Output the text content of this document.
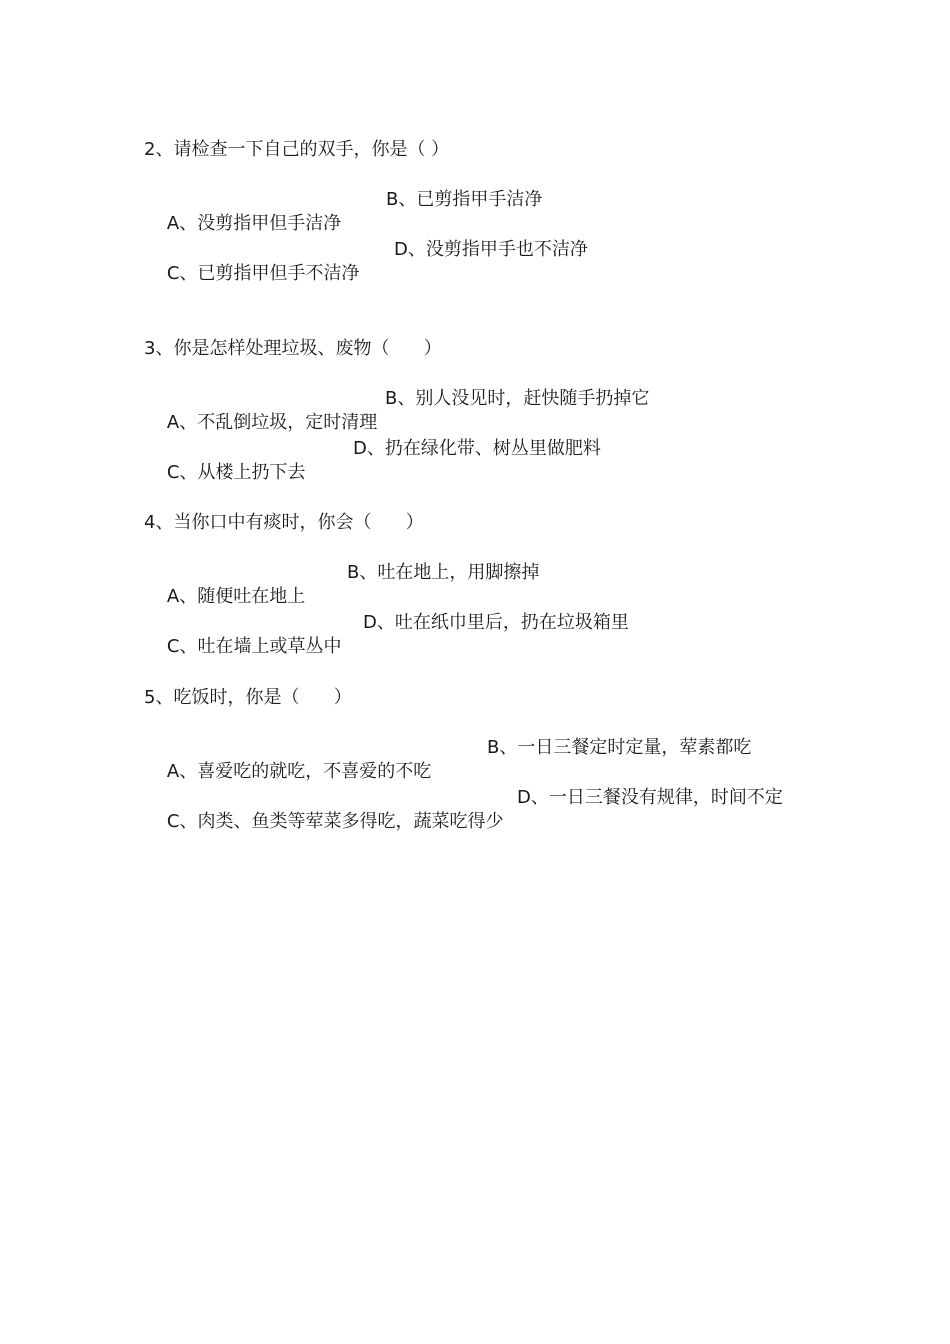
2、请检查一下自己的双手，你是（ ）

A、没剪指甲但手洁净

B、已剪指甲手洁净

C、已剪指甲但手不洁净

D、没剪指甲手也不洁净

3、你是怎样处理垃圾、废物（      ）

A、不乱倒垃圾，定时清理

B、别人没见时，赶快随手扔掉它

C、从楼上扔下去

D、扔在绿化带、树丛里做肥料

4、当你口中有痰时，你会（      ）

A、随便吐在地上

B、吐在地上，用脚擦掉

C、吐在墙上或草丛中

D、吐在纸巾里后，扔在垃圾箱里

5、吃饭时，你是（      ）

A、喜爱吃的就吃，不喜爱的不吃

B、一日三餐定时定量，荤素都吃

C、肉类、鱼类等荤菜多得吃，蔬菜吃得少

D、一日三餐没有规律，时间不定
